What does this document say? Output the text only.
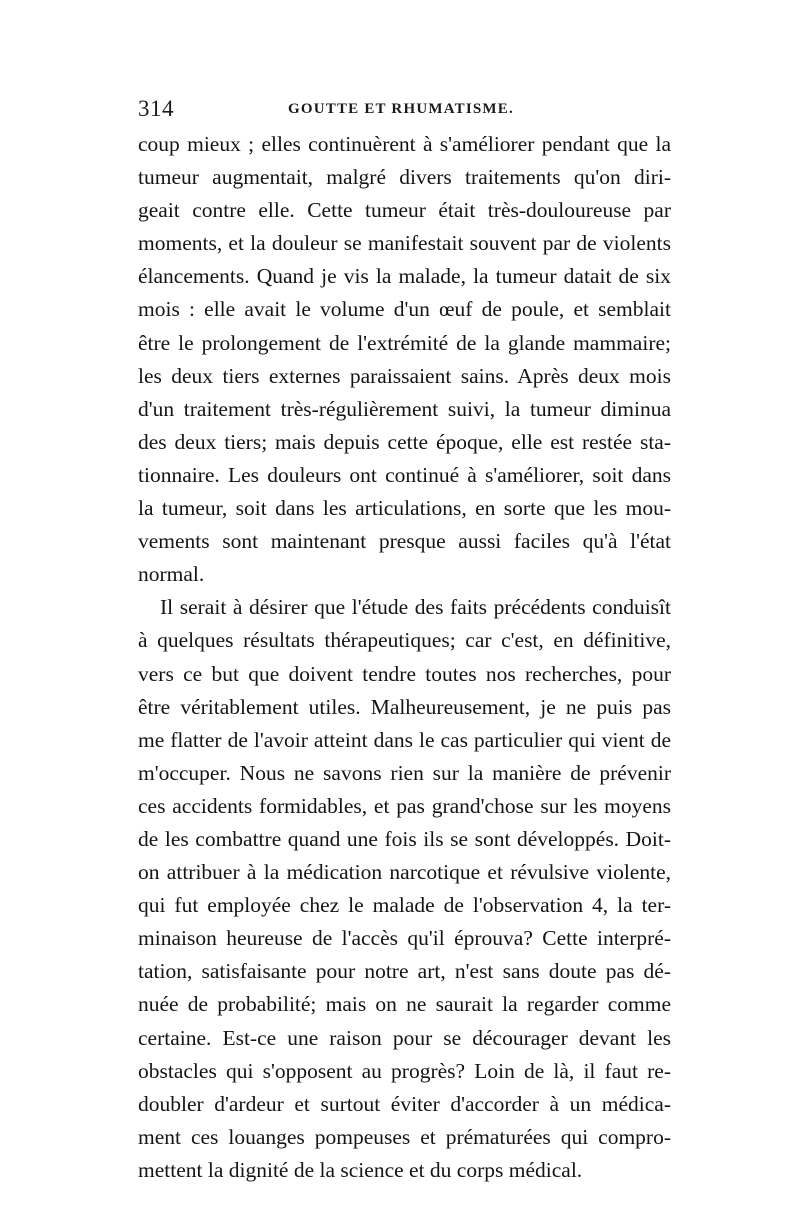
314	GOUTTE ET RHUMATISME.
coup mieux ; elles continuèrent à s'améliorer pendant que la
tumeur augmentait, malgré divers traitements qu'on diri-
geait contre elle. Cette tumeur était très-douloureuse par
moments, et la douleur se manifestait souvent par de violents
élancements. Quand je vis la malade, la tumeur datait de six
mois : elle avait le volume d'un œuf de poule, et semblait
être le prolongement de l'extrémité de la glande mammaire;
les deux tiers externes paraissaient sains. Après deux mois
d'un traitement très-régulièrement suivi, la tumeur diminua
des deux tiers; mais depuis cette époque, elle est restée sta-
tionnaire. Les douleurs ont continué à s'améliorer, soit dans
la tumeur, soit dans les articulations, en sorte que les mou-
vements sont maintenant presque aussi faciles qu'à l'état
normal.
Il serait à désirer que l'étude des faits précédents conduisît
à quelques résultats thérapeutiques; car c'est, en définitive,
vers ce but que doivent tendre toutes nos recherches, pour
être véritablement utiles. Malheureusement, je ne puis pas
me flatter de l'avoir atteint dans le cas particulier qui vient de
m'occuper. Nous ne savons rien sur la manière de prévenir
ces accidents formidables, et pas grand'chose sur les moyens
de les combattre quand une fois ils se sont développés. Doit-
on attribuer à la médication narcotique et révulsive violente,
qui fut employée chez le malade de l'observation 4, la ter-
minaison heureuse de l'accès qu'il éprouva? Cette interpré-
tation, satisfaisante pour notre art, n'est sans doute pas dé-
nuée de probabilité; mais on ne saurait la regarder comme
certaine. Est-ce une raison pour se décourager devant les
obstacles qui s'opposent au progrès? Loin de là, il faut re-
doubler d'ardeur et surtout éviter d'accorder à un médica-
ment ces louanges pompeuses et prématurées qui compro-
mettent la dignité de la science et du corps médical.
